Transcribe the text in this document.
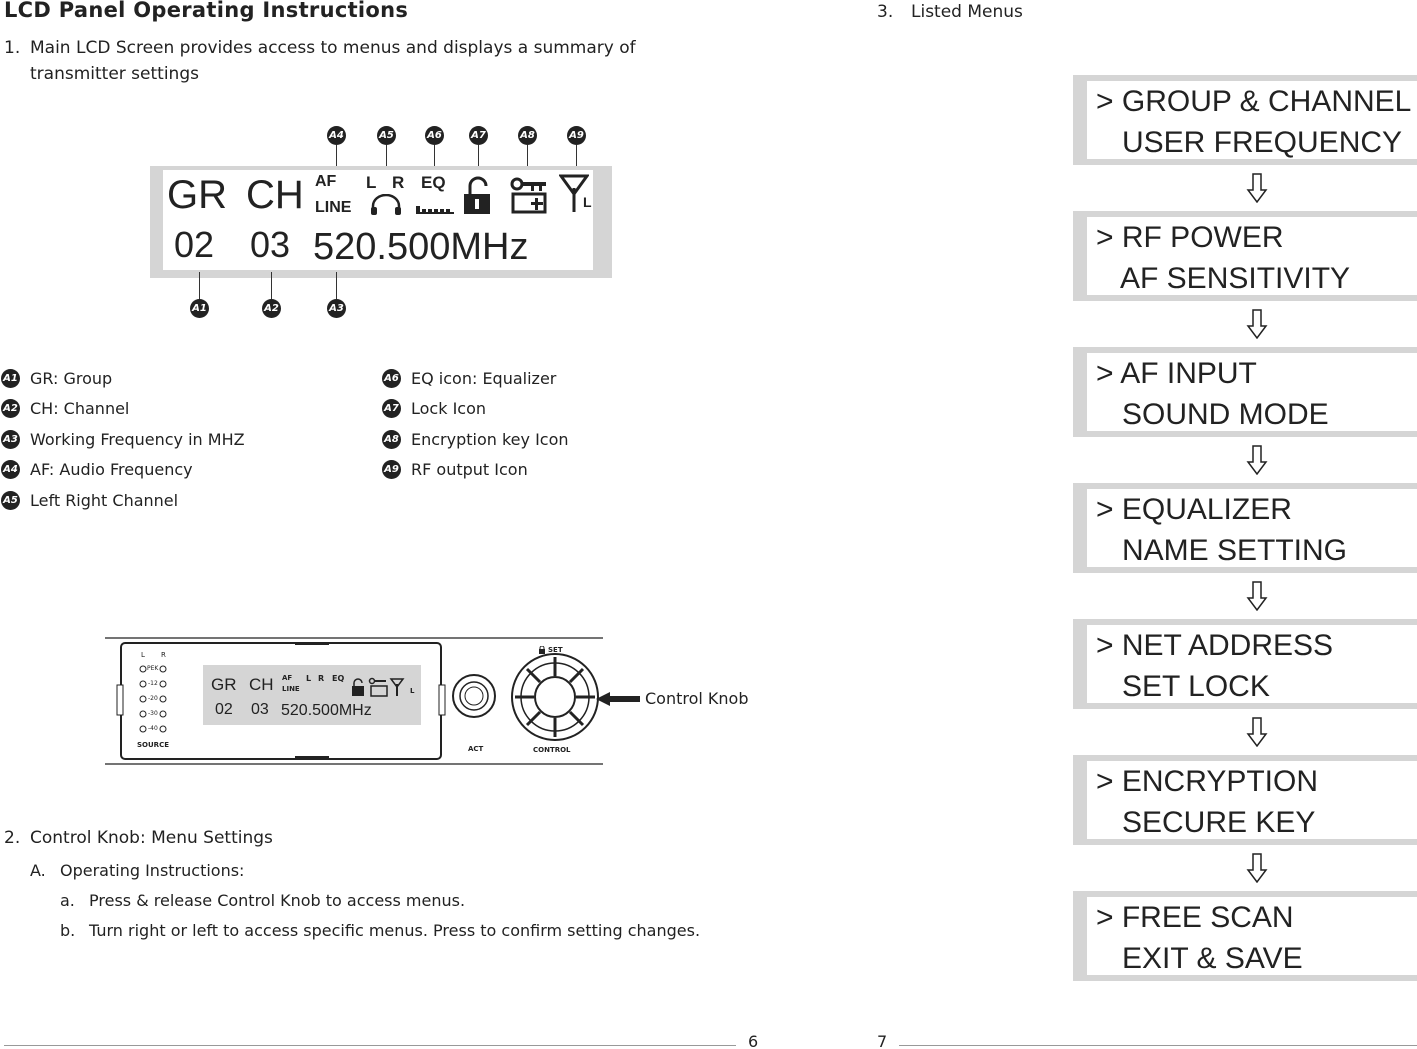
LCD Panel Operating Instructions
1. Main LCD Screen provides access to menus and displays a summary of
transmitter settings
A4	A5	A6	A7	A8	A9
GR CH AF
LINE
L R EQ
L
02 03 520.500MHz
A1	A2	A3
A1 GR: Group
A2 CH: Channel
A3 Working Frequency in MHZ
A4 AF: Audio Frequency
A5 Left Right Channel
A6 EQ icon: Equalizer
A7 Lock Icon
A8 Encryption key Icon
A9 RF output Icon
L R
PEK
-12
-20
-30
-40
SOURCE
GR CH AF
LINE
L R EQ
L
02 03 520.500MHz
ACT
SET
CONTROL
Control Knob
2. Control Knob: Menu Settings
A. Operating Instructions:
a. Press & release Control Knob to access menus.
b. Turn right or left to access specific menus. Press to confirm setting changes.
6
3. Listed Menus
> GROUP & CHANNEL
USER FREQUENCY
> RF POWER
AF SENSITIVITY
> AF INPUT
SOUND MODE
> EQUALIZER
NAME SETTING
> NET ADDRESS
SET LOCK
> ENCRYPTION
SECURE KEY
> FREE SCAN
EXIT & SAVE
7
